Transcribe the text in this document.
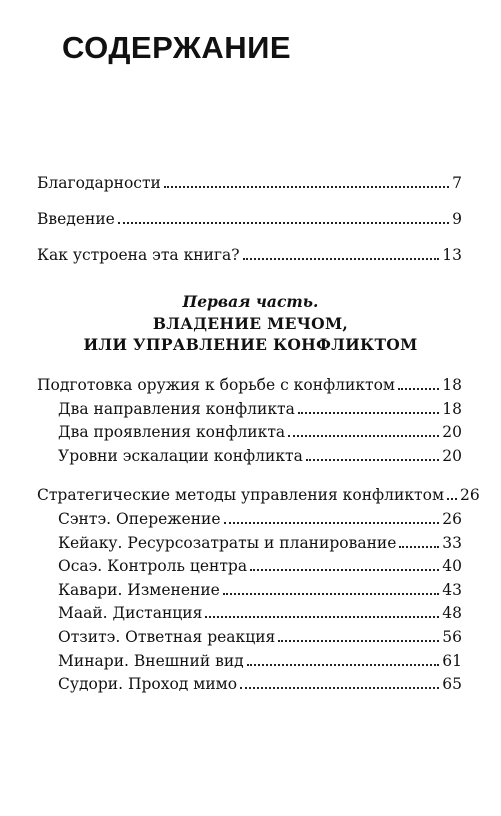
СОДЕРЖАНИЕ
Благодарности	7
Введение	9
Как устроена эта книга?	13
Первая часть.
ВЛАДЕНИЕ МЕЧОМ,
ИЛИ УПРАВЛЕНИЕ КОНФЛИКТОМ
Подготовка оружия к борьбе с конфликтом	18
Два направления конфликта	18
Два проявления конфликта	20
Уровни эскалации конфликта	20
Стратегические методы управления конфликтом 26
Сэнтэ. Опережение	26
Кейаку. Ресурсозатраты и планирование	33
Осаэ. Контроль центра	40
Кавари. Изменение	43
Маай. Дистанция	48
Отзитэ. Ответная реакция	56
Минари. Внешний вид	61
Судори. Проход мимо	65
